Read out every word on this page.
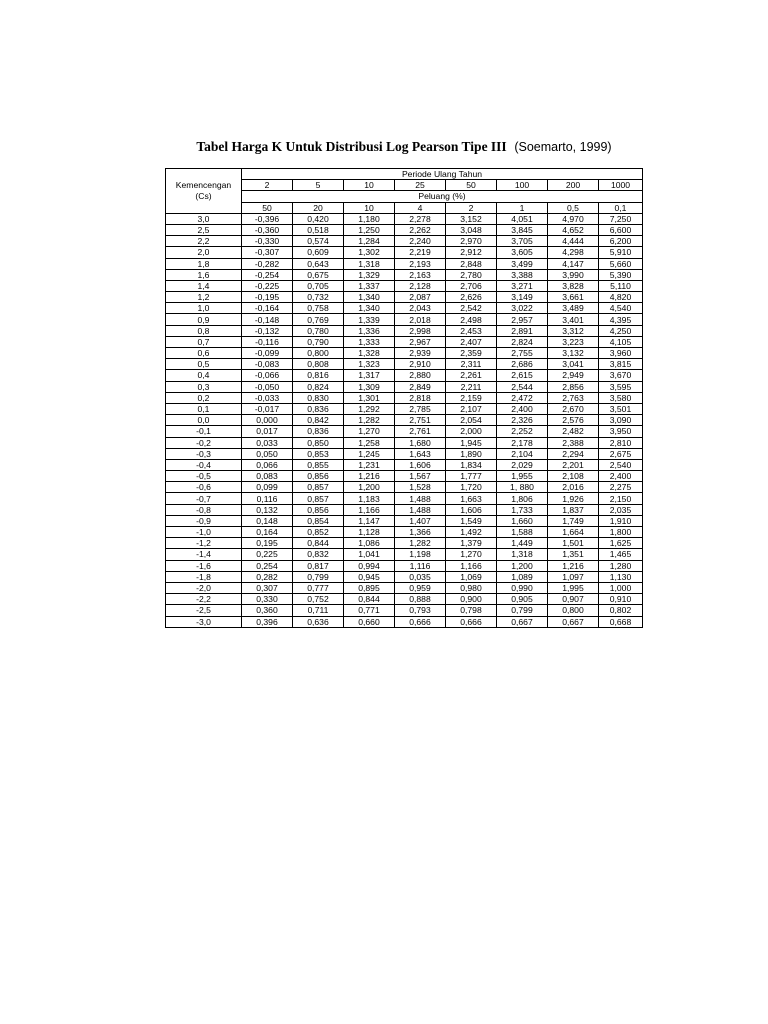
Tabel Harga K Untuk Distribusi Log Pearson Tipe III (Soemarto, 1999)
Kemencengan
(Cs)	Periode Ulang Tahun							
	2	5	10	25	50	100	200	1000
	Peluang (%)							
	50	20	10	4	2	1	0,5	0,1
3,0	-0,396	0,420	1,180	2,278	3,152	4,051	4,970	7,250
2,5	-0,360	0,518	1,250	2,262	3,048	3,845	4,652	6,600
2,2	-0,330	0,574	1,284	2,240	2,970	3,705	4,444	6,200
2,0	-0,307	0,609	1,302	2,219	2,912	3,605	4,298	5,910
1,8	-0,282	0,643	1,318	2,193	2,848	3,499	4,147	5,660
1,6	-0,254	0,675	1,329	2,163	2,780	3,388	3,990	5,390
1,4	-0,225	0,705	1,337	2,128	2,706	3,271	3,828	5,110
1,2	-0,195	0,732	1,340	2,087	2,626	3,149	3,661	4,820
1,0	-0,164	0,758	1,340	2,043	2,542	3,022	3,489	4,540
0,9	-0,148	0,769	1,339	2,018	2,498	2,957	3,401	4,395
0,8	-0,132	0,780	1,336	2,998	2,453	2,891	3,312	4,250
0,7	-0,116	0,790	1,333	2,967	2,407	2,824	3,223	4,105
0,6	-0,099	0,800	1,328	2,939	2,359	2,755	3,132	3,960
0,5	-0,083	0,808	1,323	2,910	2,311	2,686	3,041	3,815
0,4	-0,066	0,816	1,317	2,880	2,261	2,615	2,949	3,670
0,3	-0,050	0,824	1,309	2,849	2,211	2,544	2,856	3,595
0,2	-0,033	0,830	1,301	2,818	2,159	2,472	2,763	3,580
0,1	-0,017	0,836	1,292	2,785	2,107	2,400	2,670	3,501
0,0	0,000	0,842	1,282	2,751	2,054	2,326	2,576	3,090
-0,1	0,017	0,836	1,270	2,761	2,000	2,252	2,482	3,950
-0,2	0,033	0,850	1,258	1,680	1,945	2,178	2,388	2,810
-0,3	0,050	0,853	1,245	1,643	1,890	2,104	2,294	2,675
-0,4	0,066	0,855	1,231	1,606	1,834	2,029	2,201	2,540
-0,5	0,083	0,856	1,216	1,567	1,777	1,955	2,108	2,400
-0,6	0,099	0,857	1,200	1,528	1,720	1, 880	2,016	2,275
-0,7	0,116	0,857	1,183	1,488	1,663	1,806	1,926	2,150
-0,8	0,132	0,856	1,166	1,488	1,606	1,733	1,837	2,035
-0,9	0,148	0,854	1,147	1,407	1,549	1,660	1,749	1,910
-1,0	0,164	0,852	1,128	1,366	1,492	1,588	1,664	1,800
-1,2	0,195	0,844	1,086	1,282	1,379	1,449	1,501	1,625
-1,4	0,225	0,832	1,041	1,198	1,270	1,318	1,351	1,465
-1,6	0,254	0,817	0,994	1,116	1,166	1,200	1,216	1,280
-1,8	0,282	0,799	0,945	0,035	1,069	1,089	1,097	1,130
-2,0	0,307	0,777	0,895	0,959	0,980	0,990	1,995	1,000
-2,2	0,330	0,752	0,844	0,888	0,900	0,905	0,907	0,910
-2,5	0,360	0,711	0,771	0,793	0,798	0,799	0,800	0,802
-3,0	0,396	0,636	0,660	0,666	0,666	0,667	0,667	0,668
